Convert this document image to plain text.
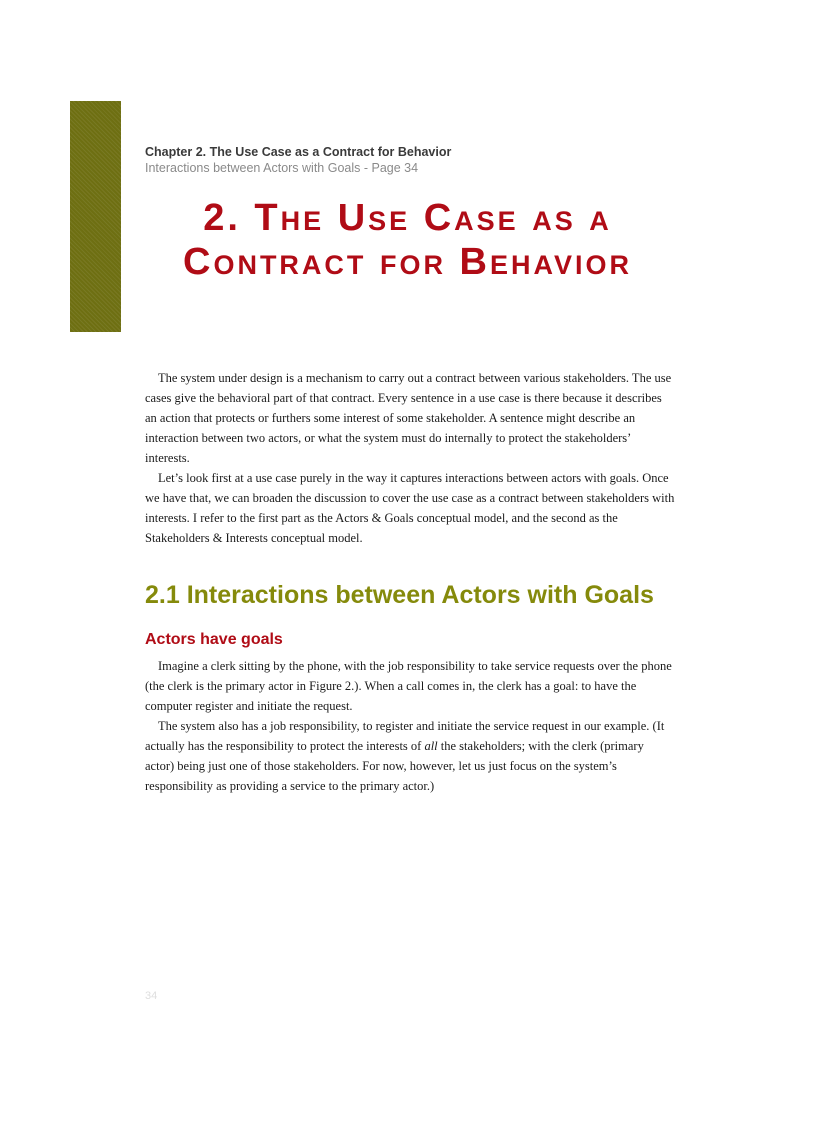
Chapter 2. The Use Case as a Contract for Behavior
Interactions between Actors with Goals - Page 34
2. The Use Case as a Contract for Behavior

The system under design is a mechanism to carry out a contract between various stakeholders. The use cases give the behavioral part of that contract. Every sentence in a use case is there because it describes an action that protects or furthers some interest of some stakeholder. A sentence might describe an interaction between two actors, or what the system must do internally to protect the stakeholders’ interests.

Let’s look first at a use case purely in the way it captures interactions between actors with goals. Once we have that, we can broaden the discussion to cover the use case as a contract between stakeholders with interests. I refer to the first part as the Actors & Goals conceptual model, and the second as the Stakeholders & Interests conceptual model.

2.1 Interactions between Actors with Goals
Actors have goals

Imagine a clerk sitting by the phone, with the job responsibility to take service requests over the phone (the clerk is the primary actor in Figure 2.). When a call comes in, the clerk has a goal: to have the computer register and initiate the request.

The system also has a job responsibility, to register and initiate the service request in our example. (It actually has the responsibility to protect the interests of all the stakeholders; with the clerk (primary actor) being just one of those stakeholders. For now, however, let us just focus on the system’s responsibility as providing a service to the primary actor.)

34
